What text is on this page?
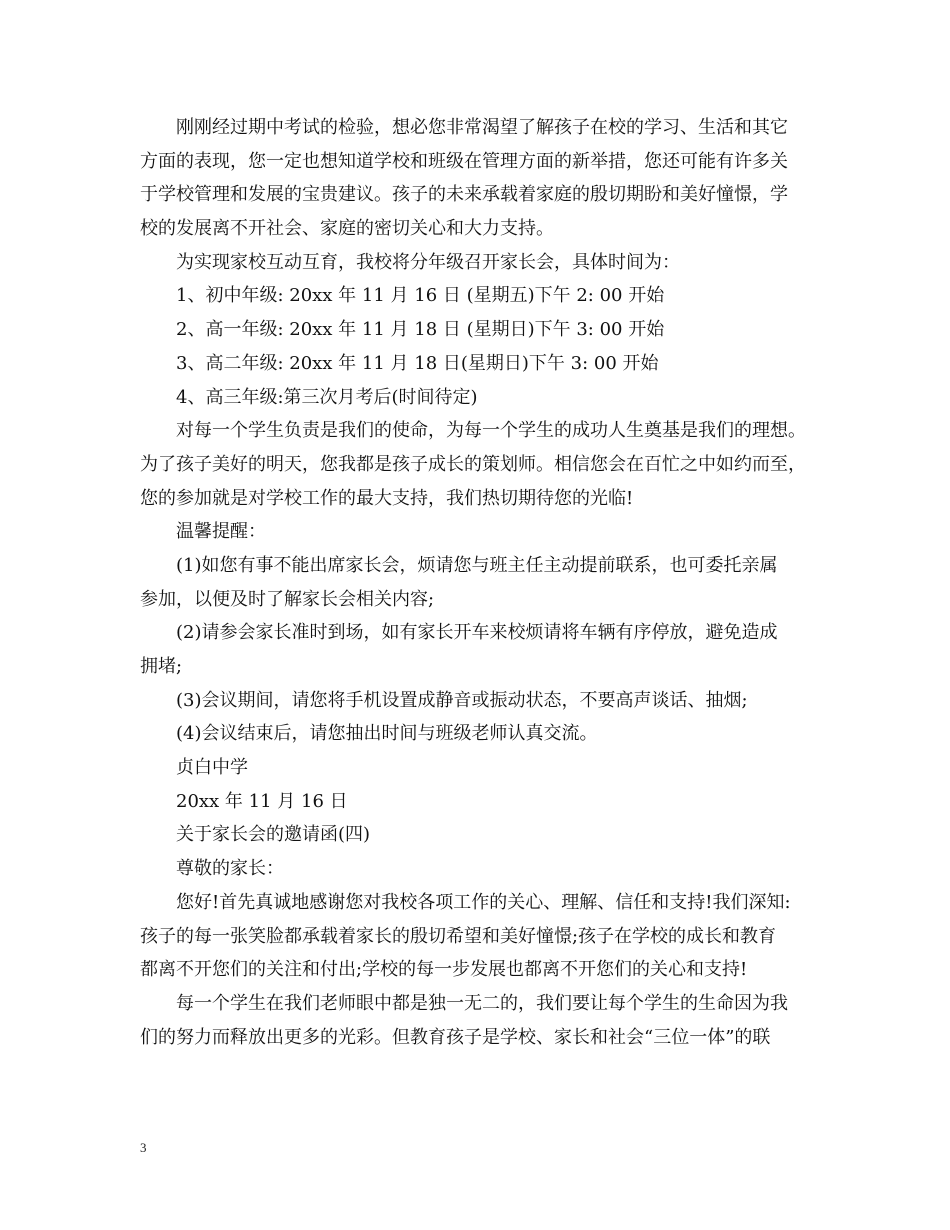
刚刚经过期中考试的检验，想必您非常渴望了解孩子在校的学习、生活和其它
方面的表现，您一定也想知道学校和班级在管理方面的新举措，您还可能有许多关
于学校管理和发展的宝贵建议。孩子的未来承载着家庭的殷切期盼和美好憧憬，学
校的发展离不开社会、家庭的密切关心和大力支持。
为实现家校互动互育，我校将分年级召开家长会，具体时间为：
1、初中年级: 20xx 年 11 月 16 日 (星期五)下午 2: 00 开始
2、高一年级: 20xx 年 11 月 18 日 (星期日)下午 3: 00 开始
3、高二年级: 20xx 年 11 月 18 日(星期日)下午 3: 00 开始
4、高三年级:第三次月考后(时间待定)
对每一个学生负责是我们的使命，为每一个学生的成功人生奠基是我们的理想。
为了孩子美好的明天，您我都是孩子成长的策划师。相信您会在百忙之中如约而至，
您的参加就是对学校工作的最大支持，我们热切期待您的光临!
温馨提醒：
(1)如您有事不能出席家长会，烦请您与班主任主动提前联系，也可委托亲属
参加，以便及时了解家长会相关内容;
(2)请参会家长准时到场，如有家长开车来校烦请将车辆有序停放，避免造成
拥堵;
(3)会议期间，请您将手机设置成静音或振动状态，不要高声谈话、抽烟;
(4)会议结束后，请您抽出时间与班级老师认真交流。
贞白中学
20xx 年 11 月 16 日
关于家长会的邀请函(四)
尊敬的家长：
您好!首先真诚地感谢您对我校各项工作的关心、理解、信任和支持!我们深知:
孩子的每一张笑脸都承载着家长的殷切希望和美好憧憬;孩子在学校的成长和教育
都离不开您们的关注和付出;学校的每一步发展也都离不开您们的关心和支持!
每一个学生在我们老师眼中都是独一无二的，我们要让每个学生的生命因为我
们的努力而释放出更多的光彩。但教育孩子是学校、家长和社会“三位一体”的联
3
